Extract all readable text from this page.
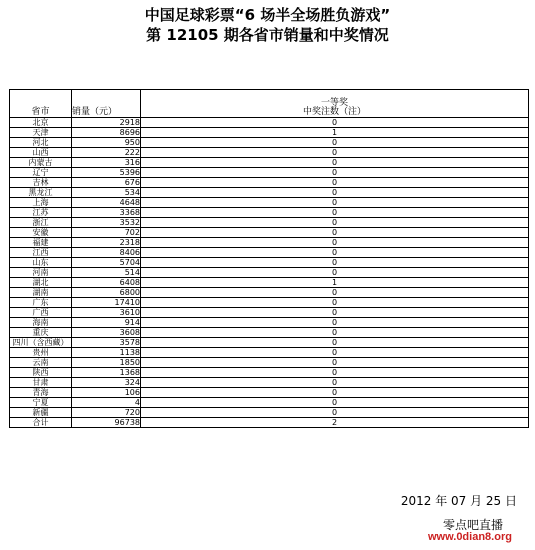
中国足球彩票“6 场半全场胜负游戏”
第 12105 期各省市销量和中奖情况
省市	销量（元）	一等奖
中奖注数（注）

北京	2918	0
天津	8696	1
河北	950	0
山西	222	0
内蒙古	316	0
辽宁	5396	0
吉林	676	0
黑龙江	534	0
上海	4648	0
江苏	3368	0
浙江	3532	0
安徽	702	0
福建	2318	0
江西	8406	0
山东	5704	0
河南	514	0
湖北	6408	1
湖南	6800	0
广东	17410	0
广西	3610	0
海南	914	0
重庆	3608	0
四川（含西藏）	3578	0
贵州	1138	0
云南	1850	0
陕西	1368	0
甘肃	324	0
青海	106	0
宁夏	4	0
新疆	720	0
合计	96738	2
2012 年 07 月 25 日
零点吧直播
www.0dian8.org
